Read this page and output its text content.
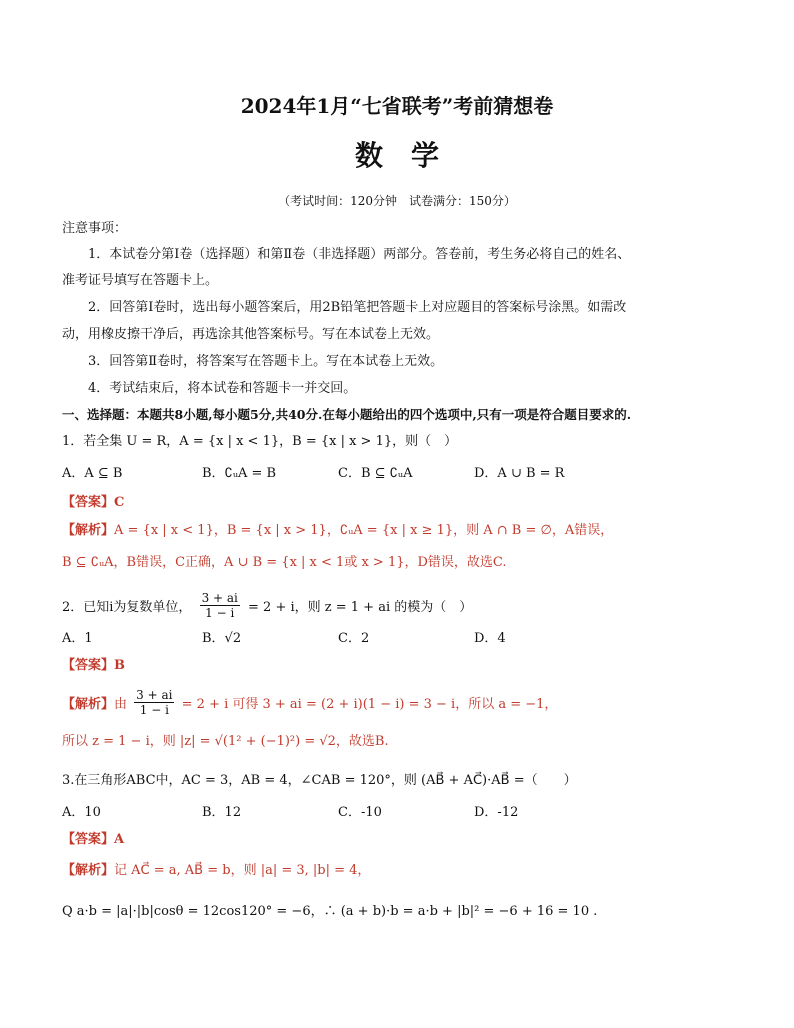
2024年1月“七省联考”考前猜想卷
数学
（考试时间：120分钟　试卷满分：150分）
注意事项：
1．本试卷分第Ⅰ卷（选择题）和第Ⅱ卷（非选择题）两部分。答卷前，考生务必将自己的姓名、
准考证号填写在答题卡上。
2．回答第Ⅰ卷时，选出每小题答案后，用2B铅笔把答题卡上对应题目的答案标号涂黑。如需改
动，用橡皮擦干净后，再选涂其他答案标号。写在本试卷上无效。
3．回答第Ⅱ卷时，将答案写在答题卡上。写在本试卷上无效。
4．考试结束后，将本试卷和答题卡一并交回。
一、选择题：本题共8小题,每小题5分,共40分.在每小题给出的四个选项中,只有一项是符合题目要求的.
1．若全集 U = R，A = {x | x < 1}，B = {x | x > 1}，则（　）
A．A ⊆ B	B．∁ᵤA = B	C．B ⊆ ∁ᵤA	D．A ∪ B = R
【答案】C
【解析】A = {x | x < 1}，B = {x | x > 1}，∁ᵤA = {x | x ≥ 1}，则 A ∩ B = ∅，A错误，
B ⊆ ∁ᵤA，B错误，C正确，A ∪ B = {x | x < 1或 x > 1}，D错误，故选C.
2．已知i为复数单位， $\frac{3 + ai}{1 - i} = 2 + i$，则 z = 1 + ai 的模为（　）
A．1	B．√2	C．2	D．4
【答案】B
【解析】由 $\frac{3 + ai}{1 - i} = 2 + i$ 可得 3 + ai = (2 + i)(1 − i) = 3 − i，所以 a = −1，
所以 z = 1 − i，则 |z| = √(1² + (−1)²) = √2，故选B.
3.在三角形ABC中，AC = 3，AB = 4，∠CAB = 120°，则 (AB⃗ + AC⃗)·AB⃗ =（　　）
A．10	B．12	C．-10	D．-12
【答案】A
【解析】记 AC⃗ = a, AB⃗ = b，则 |a| = 3, |b| = 4，
Q a·b = |a|·|b|cosθ = 12cos120° = −6，∴ (a + b)·b = a·b + |b|² = −6 + 16 = 10 .
